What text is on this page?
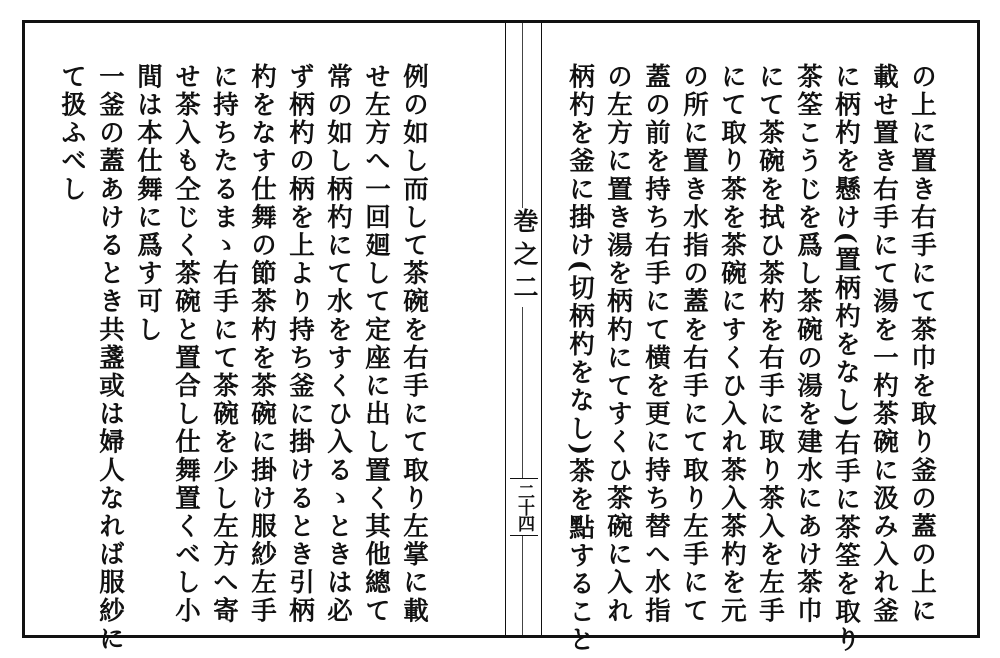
の上に置き右手にて茶巾を取り釜の蓋の上に
載せ置き右手にて湯を一杓茶碗に汲み入れ釜
に柄杓を懸け(置柄杓をなし)右手に茶筌を取り
茶筌こうじを爲し茶碗の湯を建水にあけ茶巾
にて茶碗を拭ひ茶杓を右手に取り茶入を左手
にて取り茶を茶碗にすくひ入れ茶入茶杓を元
の所に置き水指の蓋を右手にて取り左手にて
蓋の前を持ち右手にて横を更に持ち替へ水指
の左方に置き湯を柄杓にてすくひ茶碗に入れ
柄杓を釜に掛け(切柄杓をなし)茶を點すること
巻之二
二十四
例の如し而して茶碗を右手にて取り左掌に載
せ左方へ一回廻して定座に出し置く其他總て
常の如し柄杓にて水をすくひ入るゝときは必
ず柄杓の柄を上より持ち釜に掛けるとき引柄
杓をなす仕舞の節茶杓を茶碗に掛け服紗左手
に持ちたるまゝ右手にて茶碗を少し左方へ寄
せ茶入も仝じく茶碗と置合し仕舞置くべし小
間は本仕舞に爲す可し
一釜の蓋あけるとき共盞或は婦人なれば服紗に
て扱ふべし
